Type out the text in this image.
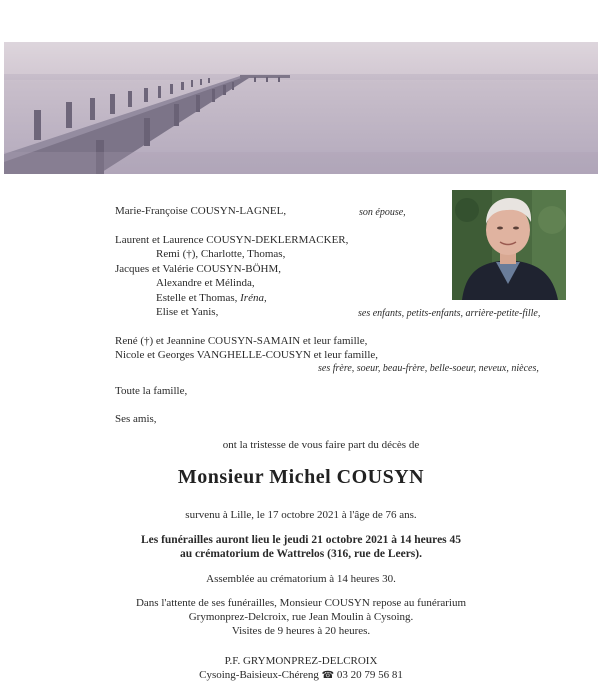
Marie-Françoise COUSYN-LAGNEL,	son épouse,
Laurent et Laurence COUSYN-DEKLERMACKER,
Remi (†), Charlotte, Thomas,
Jacques et Valérie COUSYN-BÖHM,
Alexandre et Mélinda,
Estelle et Thomas, Iréna,
Elise et Yanis,	ses enfants, petits-enfants, arrière-petite-fille,
René (†) et Jeannine COUSYN-SAMAIN et leur famille,
Nicole et Georges VANGHELLE-COUSYN et leur famille,
ses frère, soeur, beau-frère, belle-soeur, neveux, nièces,
Toute la famille,
Ses amis,
ont la tristesse de vous faire part du décès de
Monsieur Michel COUSYN
survenu à Lille, le 17 octobre 2021 à l'âge de 76 ans.
Les funérailles auront lieu le jeudi 21 octobre 2021 à 14 heures 45
au crématorium de Wattrelos (316, rue de Leers).
Assemblée au crématorium à 14 heures 30.
Dans l'attente de ses funérailles, Monsieur COUSYN repose au funérarium
Grymonprez-Delcroix, rue Jean Moulin à Cysoing.
Visites de 9 heures à 20 heures.
P.F. GRYMONPREZ-DELCROIX
Cysoing-Baisieux-Chéreng ☎ 03 20 79 56 81
